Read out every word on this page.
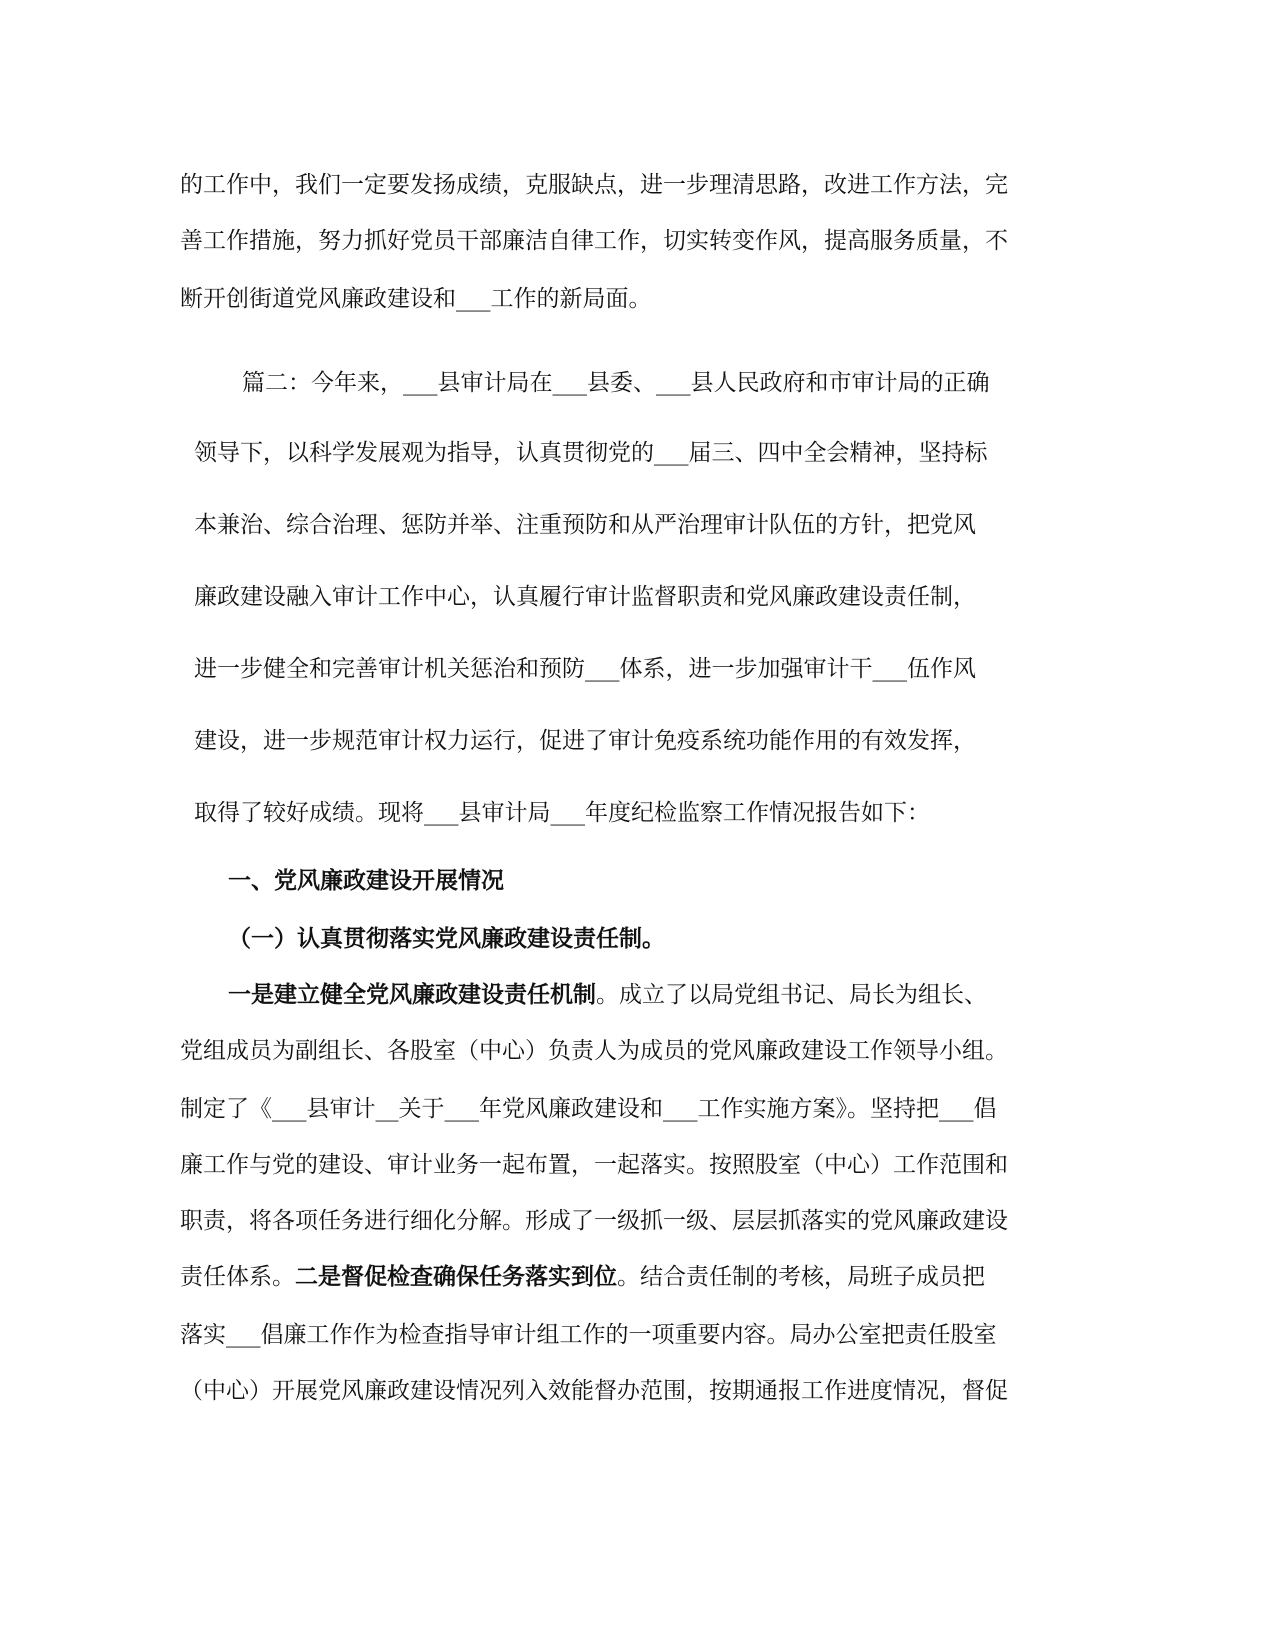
的工作中，我们一定要发扬成绩，克服缺点，进一步理清思路，改进工作方法，完

善工作措施，努力抓好党员干部廉洁自律工作，切实转变作风，提高服务质量，不

断开创街道党风廉政建设和___工作的新局面。

篇二：今年来，___县审计局在___县委、___县人民政府和市审计局的正确

领导下，以科学发展观为指导，认真贯彻党的___届三、四中全会精神，坚持标

本兼治、综合治理、惩防并举、注重预防和从严治理审计队伍的方针，把党风

廉政建设融入审计工作中心，认真履行审计监督职责和党风廉政建设责任制，

进一步健全和完善审计机关惩治和预防___体系，进一步加强审计干___伍作风

建设，进一步规范审计权力运行，促进了审计免疫系统功能作用的有效发挥，

取得了较好成绩。现将___县审计局___年度纪检监察工作情况报告如下：

一、党风廉政建设开展情况

（一）认真贯彻落实党风廉政建设责任制。

一是建立健全党风廉政建设责任机制。成立了以局党组书记、局长为组长、

党组成员为副组长、各股室（中心）负责人为成员的党风廉政建设工作领导小组。

制定了《___县审计__关于___年党风廉政建设和___工作实施方案》。坚持把___倡

廉工作与党的建设、审计业务一起布置，一起落实。按照股室（中心）工作范围和

职责，将各项任务进行细化分解。形成了一级抓一级、层层抓落实的党风廉政建设

责任体系。二是督促检查确保任务落实到位。结合责任制的考核，局班子成员把

落实___倡廉工作作为检查指导审计组工作的一项重要内容。局办公室把责任股室

（中心）开展党风廉政建设情况列入效能督办范围，按期通报工作进度情况，督促
